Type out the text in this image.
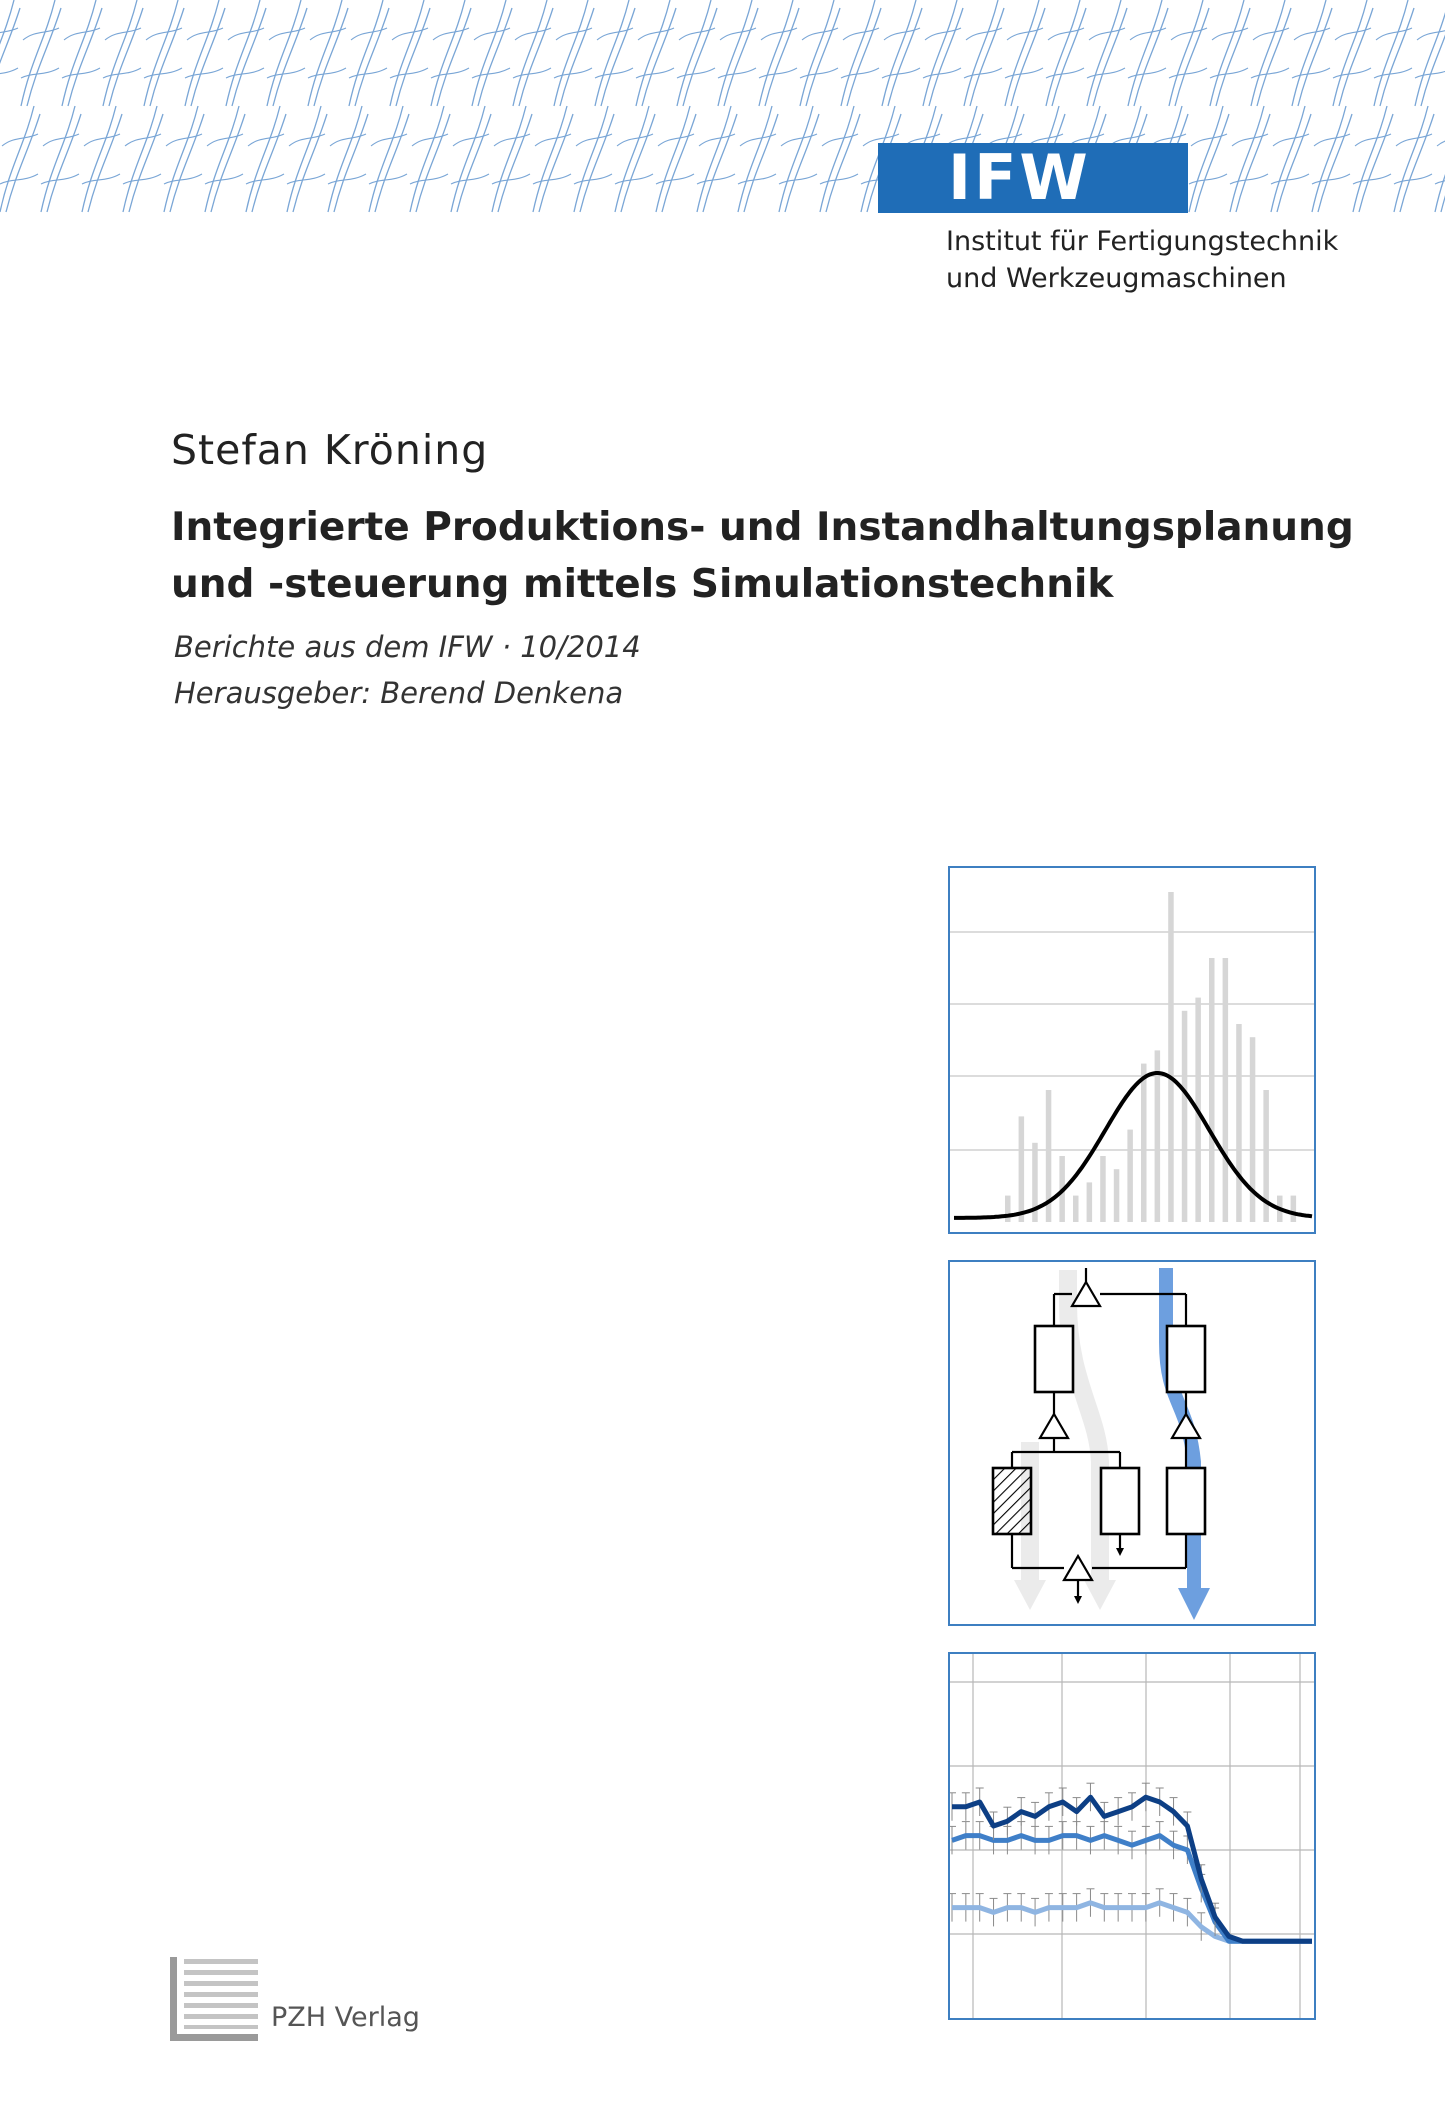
IFW
Institut für Fertigungstechnik
und Werkzeugmaschinen
Stefan Kröning
Integrierte Produktions- und Instandhaltungsplanung
und -steuerung mittels Simulationstechnik
Berichte aus dem IFW · 10/2014
Herausgeber: Berend Denkena
PZH Verlag
